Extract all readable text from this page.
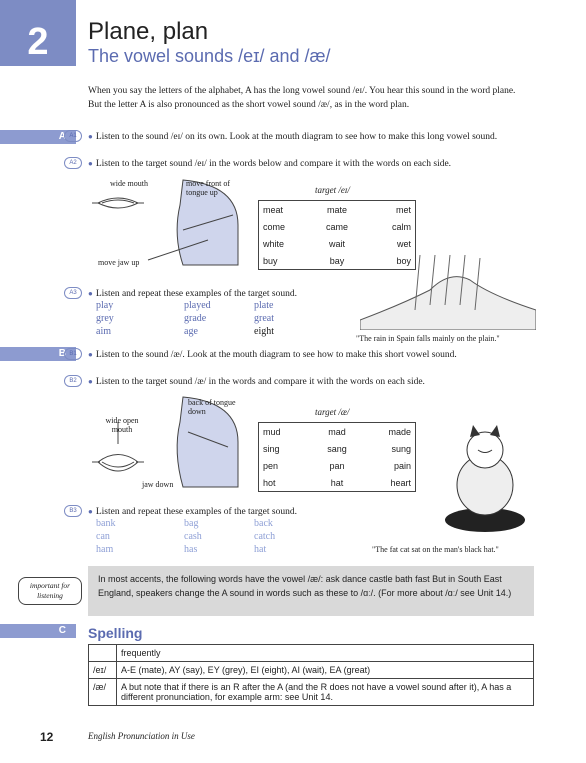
2	Plane, plan
The vowel sounds /eɪ/ and /æ/
When you say the letters of the alphabet, A has the long vowel sound /eɪ/. You hear this sound in the word plane. But the letter A is also pronounced as the short vowel sound /æ/, as in the word plan.
A A1	● Listen to the sound /eɪ/ on its own. Look at the mouth diagram to see how to make this long vowel sound.
A2	● Listen to the target sound /eɪ/ in the words below and compare it with the words on each side.
wide mouth	move front of tongue up
move jaw up
target /eɪ/
meat	mate	met
come	came	calm
white	wait	wet
buy	bay	boy
"The rain in Spain falls mainly on the plain."
A3	● Listen and repeat these examples of the target sound.
play	played	plate
grey	grade	great
aim	age	eight
B B1	● Listen to the sound /æ/. Look at the mouth diagram to see how to make this short vowel sound.
B2	● Listen to the target sound /æ/ in the words and compare it with the words on each side.
wide open mouth
back of tongue down
jaw down
target /æ/
mud	mad	made
sing	sang	sung
pen	pan	pain
hot	hat	heart
"The fat cat sat on the man's black hat."
B3	● Listen and repeat these examples of the target sound.
bank	bag	back
can	cash	catch
ham	has	hat
In most accents, the following words have the vowel /æ/: ask dance castle bath fast But in South East England, speakers change the A sound in words such as these to /ɑː/. (For more about /ɑː/ see Unit 14.)
important for listening
C	Spelling
	frequently
/eɪ/	A-E (mate), AY (say), EY (grey), EI (eight), AI (wait), EA (great)
/æ/	A but note that if there is an R after the A (and the R does not have a vowel sound after it), A has a different pronunciation, for example arm: see Unit 14.
12	English Pronunciation in Use
